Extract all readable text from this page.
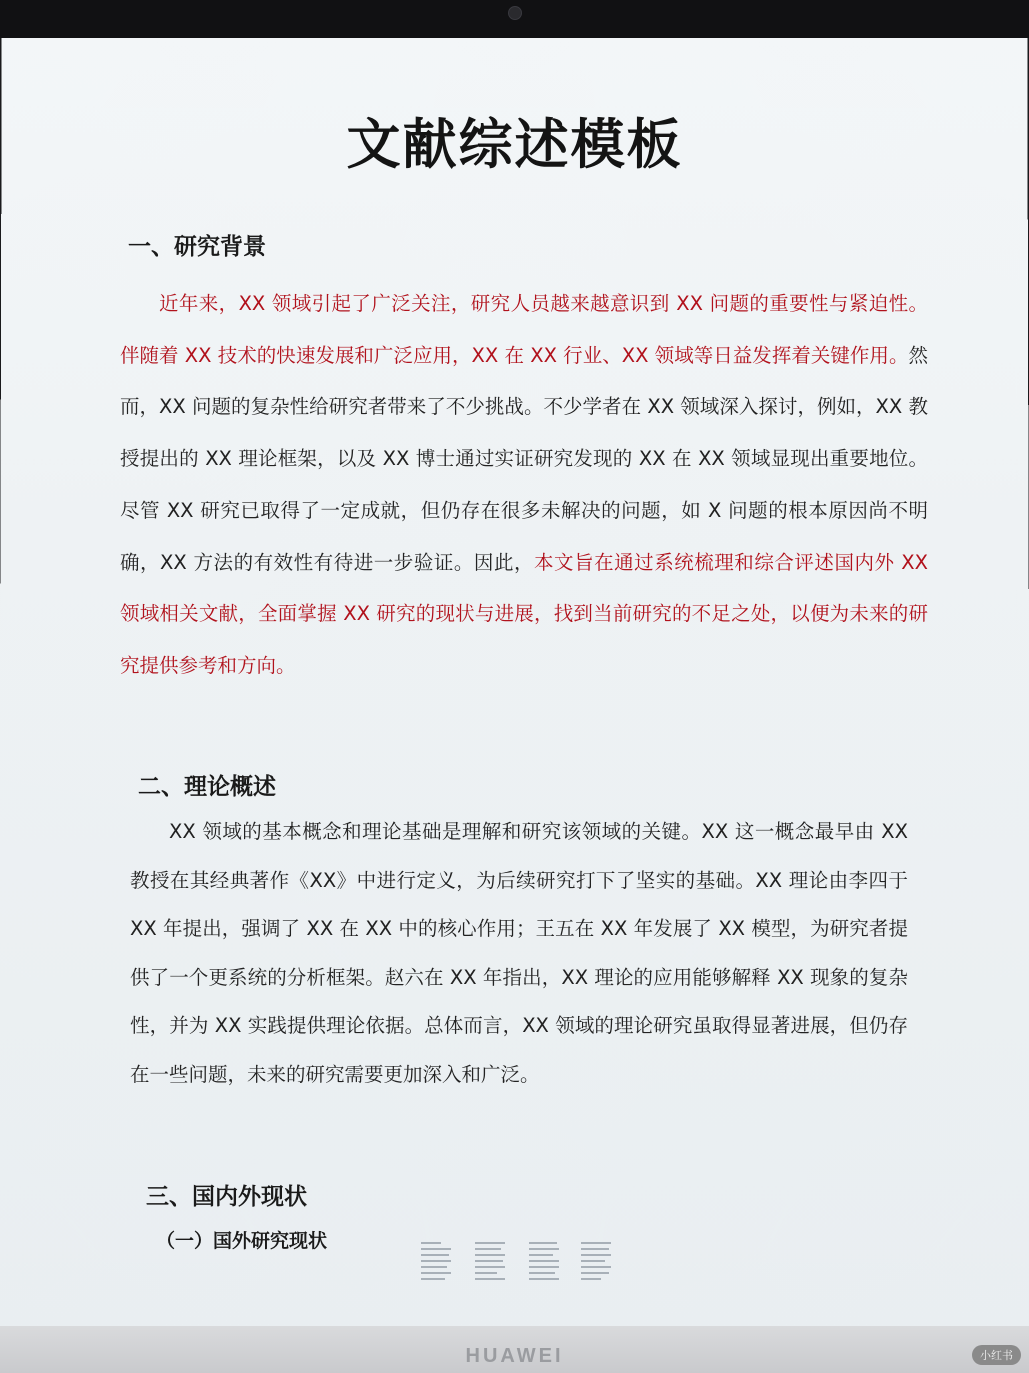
文献综述模板
一、研究背景
近年来，XX 领域引起了广泛关注，研究人员越来越意识到 XX 问题的重要性与紧迫性。伴随着 XX 技术的快速发展和广泛应用，XX 在 XX 行业、XX 领域等日益发挥着关键作用。然而，XX 问题的复杂性给研究者带来了不少挑战。不少学者在 XX 领域深入探讨，例如，XX 教授提出的 XX 理论框架，以及 XX 博士通过实证研究发现的 XX 在 XX 领域显现出重要地位。尽管 XX 研究已取得了一定成就，但仍存在很多未解决的问题，如 X 问题的根本原因尚不明确，XX 方法的有效性有待进一步验证。因此，本文旨在通过系统梳理和综合评述国内外 XX 领域相关文献，全面掌握 XX 研究的现状与进展，找到当前研究的不足之处，以便为未来的研究提供参考和方向。
二、理论概述
XX 领域的基本概念和理论基础是理解和研究该领域的关键。XX 这一概念最早由 XX 教授在其经典著作《XX》中进行定义，为后续研究打下了坚实的基础。XX 理论由李四于 XX 年提出，强调了 XX 在 XX 中的核心作用；王五在 XX 年发展了 XX 模型，为研究者提供了一个更系统的分析框架。赵六在 XX 年指出，XX 理论的应用能够解释 XX 现象的复杂性，并为 XX 实践提供理论依据。总体而言，XX 领域的理论研究虽取得显著进展，但仍存在一些问题，未来的研究需要更加深入和广泛。
三、国内外现状
（一）国外研究现状
HUAWEI	小红书
